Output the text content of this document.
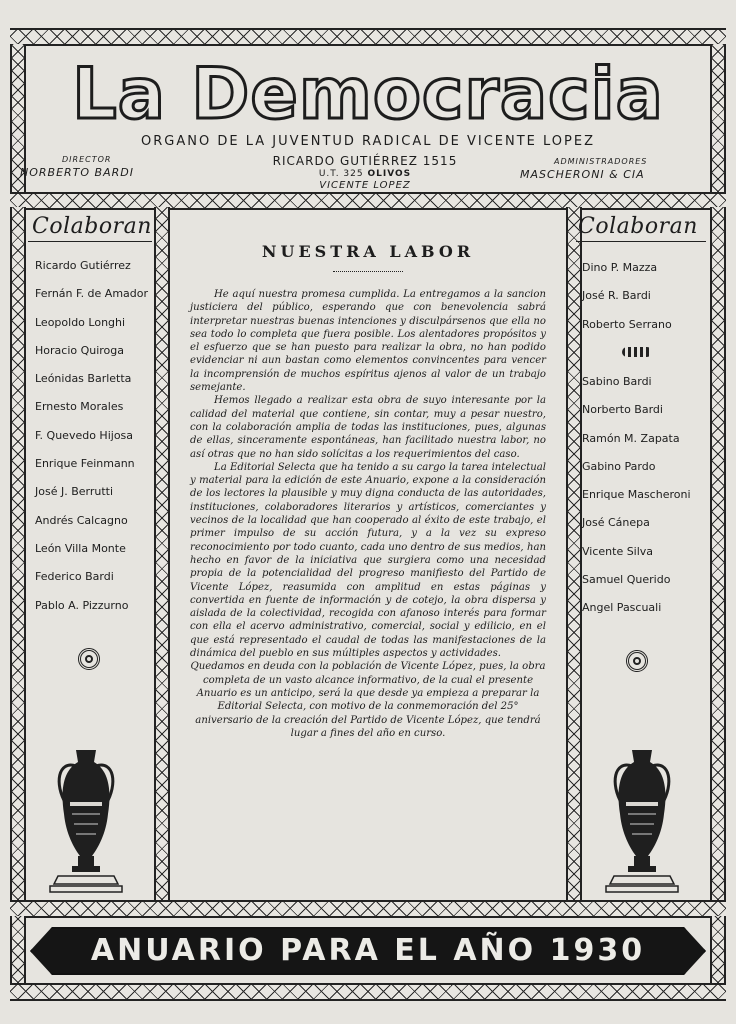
La Democracia
ORGANO DE LA JUVENTUD RADICAL DE VICENTE LOPEZ
DIRECTOR
NORBERTO BARDI
ADMINISTRADORES
MASCHERONI & CIA
RICARDO GUTIÉRREZ 1515
U.T. 325 OLIVOS
VICENTE LOPEZ
Colaboran
Ricardo Gutiérrez
Fernán F. de Amador
Leopoldo Longhi
Horacio Quiroga
Leónidas Barletta
Ernesto Morales
F. Quevedo Hijosa
Enrique Feinmann
José J. Berrutti
Andrés Calcagno
León Villa Monte
Federico Bardi
Pablo A. Pizzurno
Colaboran
Dino P. Mazza
José R. Bardi
Roberto Serrano
Sabino Bardi
Norberto Bardi
Ramón M. Zapata
Gabino Pardo
Enrique Mascheroni
José Cánepa
Vicente Silva
Samuel Querido
Angel Pascuali
NUESTRA LABOR

He aquí nuestra promesa cumplida. La entregamos a la sancion justiciera del público, esperando que con benevolencia sabrá interpretar nuestras buenas intenciones y disculpársenos que ella no sea todo lo completa que fuera posible. Los alentadores propósitos y el esfuerzo que se han puesto para realizar la obra, no han podido evidenciar ni aun bastan como elementos convincentes para vencer la incomprensión de muchos espíritus ajenos al valor de un trabajo semejante.

Hemos llegado a realizar esta obra de suyo interesante por la calidad del material que contiene, sin contar, muy a pesar nuestro, con la colaboración amplia de todas las instituciones, pues, algunas de ellas, sinceramente espontáneas, han facilitado nuestra labor, no así otras que no han sido solícitas a los requerimientos del caso.

La Editorial Selecta que ha tenido a su cargo la tarea intelectual y material para la edición de este Anuario, expone a la consideración de los lectores la plausible y muy digna conducta de las autoridades, instituciones, colaboradores literarios y artísticos, comerciantes y vecinos de la localidad que han cooperado al éxito de este trabajo, el primer impulso de su acción futura, y a la vez su expreso reconocimiento por todo cuanto, cada uno dentro de sus medios, han hecho en favor de la iniciativa que surgiera como una necesidad propia de la potencialidad del progreso manifiesto del Partido de Vicente López, reasumida con amplitud en estas páginas y convertida en fuente de información y de cotejo, la obra dispersa y aislada de la colectividad, recogida con afanoso interés para formar con ella el acervo administrativo, comercial, social y edilicio, en el que está representado el caudal de todas las manifestaciones de la dinámica del pueblo en sus múltiples aspectos y actividades.

Quedamos en deuda con la población de Vicente López, pues, la obra completa de un vasto alcance informativo, de la cual el presente Anuario es un anticipo, será la que desde ya empieza a preparar la Editorial Selecta, con motivo de la conmemoración del 25° aniversario de la creación del Partido de Vicente López, que tendrá lugar a fines del año en curso.

ANUARIO PARA EL AÑO 1930
